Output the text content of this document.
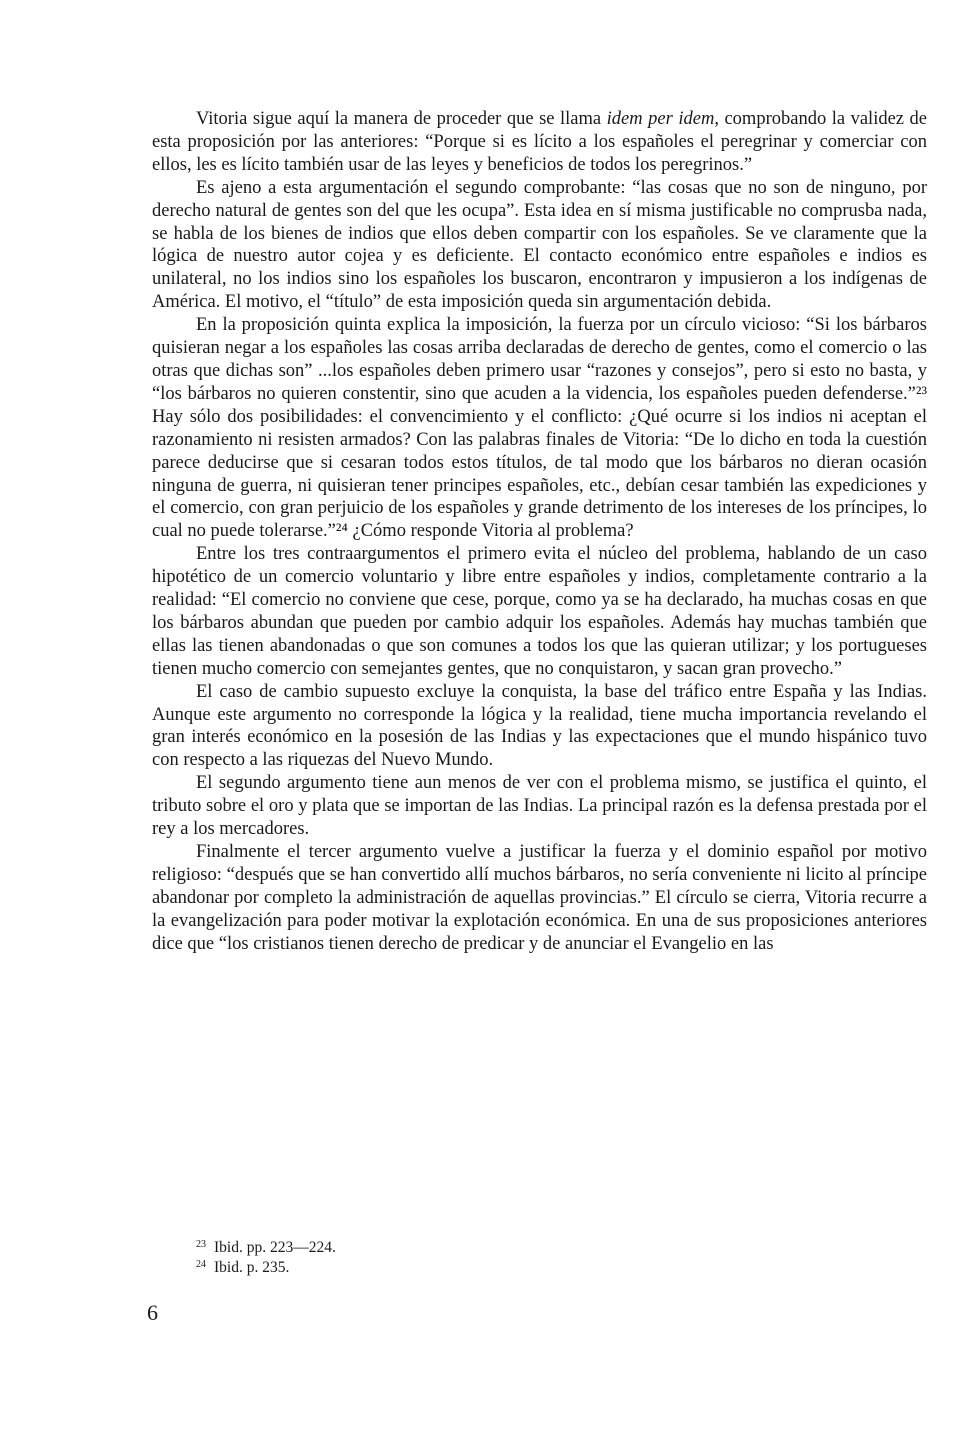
Vitoria sigue aquí la manera de proceder que se llama idem per idem, comprobando la validez de esta proposición por las anteriores: “Porque si es lícito a los españoles el peregrinar y comerciar con ellos, les es lícito también usar de las leyes y beneficios de todos los peregrinos.”

Es ajeno a esta argumentación el segundo comprobante: “las cosas que no son de ninguno, por derecho natural de gentes son del que les ocupa”. Esta idea en sí misma justificable no comprusba nada, se habla de los bienes de indios que ellos deben compartir con los españoles. Se ve claramente que la lógica de nuestro autor cojea y es deficiente. El contacto económico entre españoles e indios es unilateral, no los indios sino los españoles los buscaron, encontraron y impusieron a los indígenas de América. El motivo, el “título” de esta imposición queda sin argumentación debida.

En la proposición quinta explica la imposición, la fuerza por un círculo vicioso: “Si los bárbaros quisieran negar a los españoles las cosas arriba declaradas de derecho de gentes, como el comercio o las otras que dichas son” ...los españoles deben primero usar “razones y consejos”, pero si esto no basta, y “los bárbaros no quieren constentir, sino que acuden a la videncia, los españoles pueden defenderse.”²³ Hay sólo dos posibilidades: el convencimiento y el conflicto: ¿Qué ocurre si los indios ni aceptan el razonamiento ni resisten armados? Con las palabras finales de Vitoria: “De lo dicho en toda la cuestión parece deducirse que si cesaran todos estos títulos, de tal modo que los bárbaros no dieran ocasión ninguna de guerra, ni quisieran tener principes españoles, etc., debían cesar también las expediciones y el comercio, con gran perjuicio de los españoles y grande detrimento de los intereses de los príncipes, lo cual no puede tolerarse.”²⁴ ¿Cómo responde Vitoria al problema?

Entre los tres contraargumentos el primero evita el núcleo del problema, hablando de un caso hipotético de un comercio voluntario y libre entre españoles y indios, completamente contrario a la realidad: “El comercio no conviene que cese, porque, como ya se ha declarado, ha muchas cosas en que los bárbaros abundan que pueden por cambio adquir los españoles. Además hay muchas también que ellas las tienen abandonadas o que son comunes a todos los que las quieran utilizar; y los portugueses tienen mucho comercio con semejantes gentes, que no conquistaron, y sacan gran provecho.”

El caso de cambio supuesto excluye la conquista, la base del tráfico entre España y las Indias. Aunque este argumento no corresponde la lógica y la realidad, tiene mucha importancia revelando el gran interés económico en la posesión de las Indias y las expectaciones que el mundo hispánico tuvo con respecto a las riquezas del Nuevo Mundo.

El segundo argumento tiene aun menos de ver con el problema mismo, se justifica el quinto, el tributo sobre el oro y plata que se importan de las Indias. La principal razón es la defensa prestada por el rey a los mercadores.

Finalmente el tercer argumento vuelve a justificar la fuerza y el dominio español por motivo religioso: “después que se han convertido allí muchos bárbaros, no sería conveniente ni licito al príncipe abandonar por completo la administración de aquellas provincias.” El círculo se cierra, Vitoria recurre a la evangelización para poder motivar la explotación económica. En una de sus proposiciones anteriores dice que “los cristianos tienen derecho de predicar y de anunciar el Evangelio en las

$^{23}$ Ibid. pp. 223—224.
$^{24}$ Ibid. p. 235.
6
